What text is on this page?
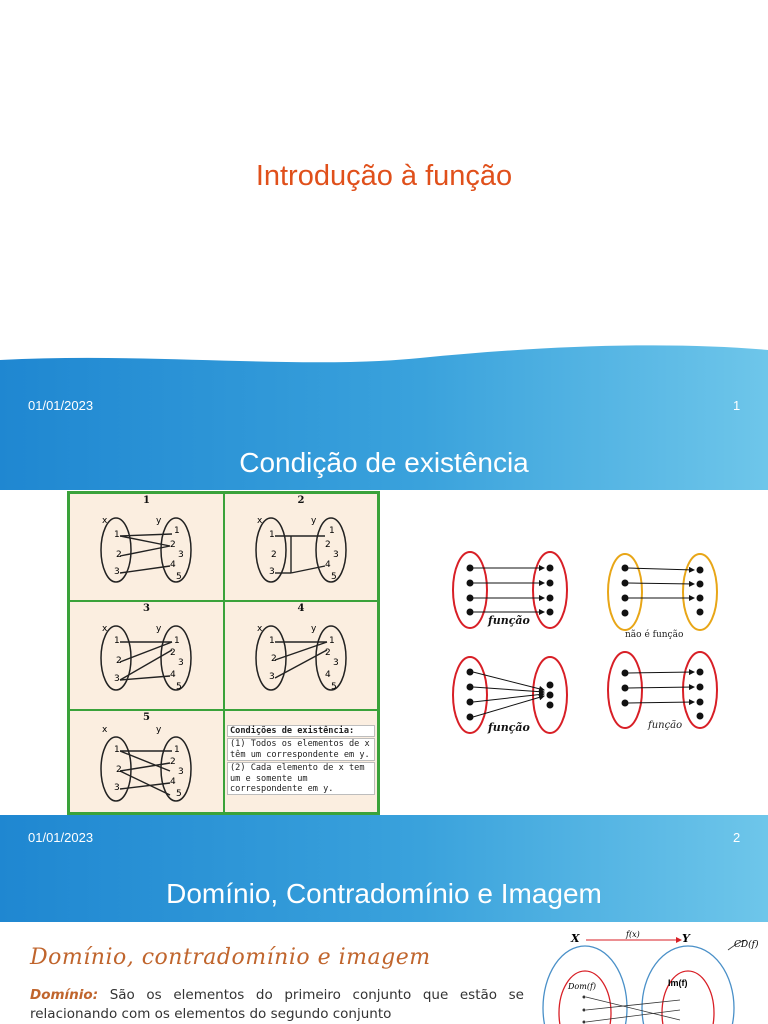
Introdução à função
01/01/2023	1
Condição de existência
1
x	y
1
2
3
1
2
3
4
5
2
x	y
1
2
3
1
2
3
4
5
3
x	y
1
2
3
1
2
3
4
5
4
x	y
1
2
3
1
2
3
4
5
5
x	y
1
2
3
1
2
3
4
5
Condições de existência:
(1) Todos os elementos de x têm um correspondente em y.
(2) Cada elemento de x tem um e somente um correspondente em y.
função
não é função
função	função
01/01/2023	2
Domínio, Contradomínio e Imagem
Domínio, contradomínio e imagem
Domínio: São os elementos do primeiro conjunto que estão se relacionando com os elementos do segundo conjunto
X	Y
f(x)
CD(f)
Dom(f)	Im(f)
